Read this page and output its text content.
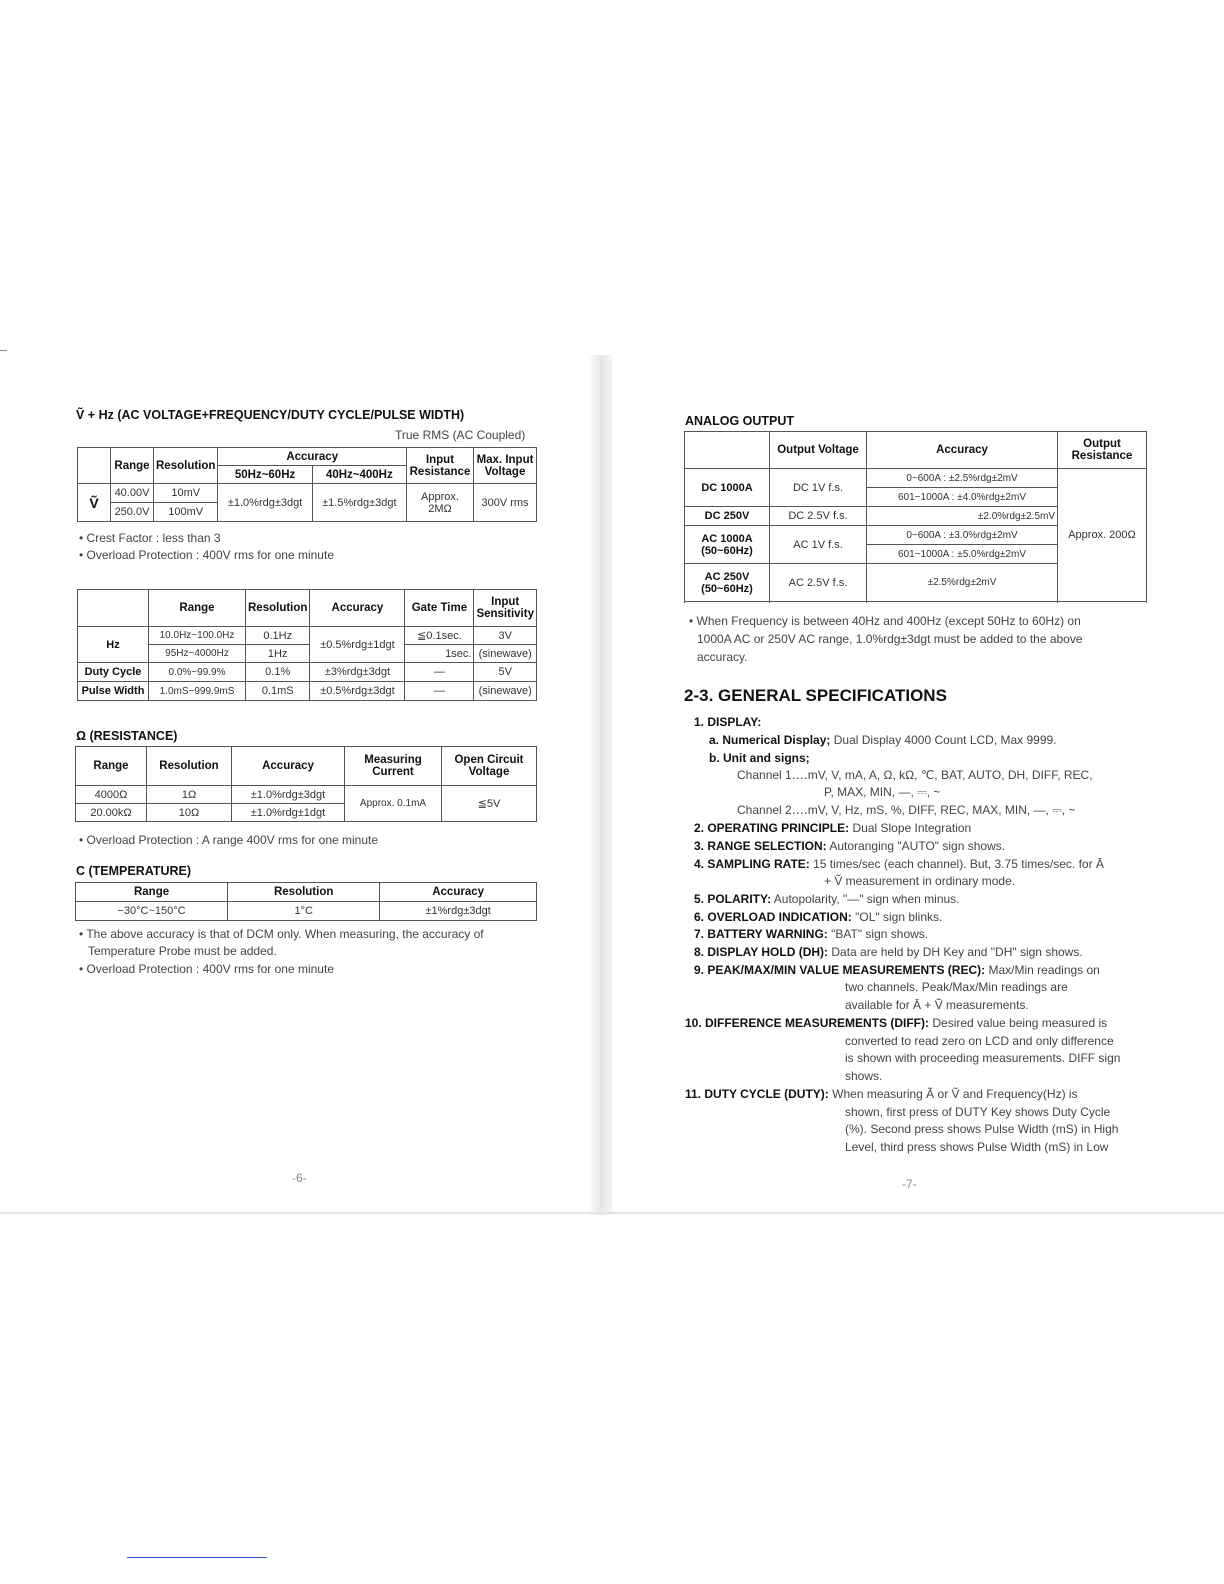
Ṽ + Hz (AC VOLTAGE+FREQUENCY/DUTY CYCLE/PULSE WIDTH)
True RMS (AC Coupled)
	Range	Resolution	Accuracy		Input Resistance	Max. Input Voltage
			50Hz~60Hz	40Hz~400Hz		
Ṽ	40.00V	10mV	±1.0%rdg±3dgt	±1.5%rdg±3dgt	Approx. 2MΩ	300V rms
	250.0V	100mV				
• Crest Factor : less than 3
• Overload Protection : 400V rms for one minute
	Range	Resolution	Accuracy	Gate Time	Input Sensitivity
Hz	10.0Hz~100.0Hz	0.1Hz	±0.5%rdg±1dgt	≦0.1sec.	3V
	95Hz~4000Hz	1Hz		1sec.	(sinewave)
Duty Cycle	0.0%~99.9%	0.1%	±3%rdg±3dgt	—	5V
Pulse Width	1.0mS~999.9mS	0.1mS	±0.5%rdg±3dgt	—	(sinewave)
Ω (RESISTANCE)
Range	Resolution	Accuracy	Measuring Current	Open Circuit Voltage
4000Ω	1Ω	±1.0%rdg±3dgt	Approx. 0.1mA	≦5V
20.00kΩ	10Ω	±1.0%rdg±1dgt		
• Overload Protection : A range 400V rms for one minute
C (TEMPERATURE)
Range	Resolution	Accuracy
−30°C~150°C	1°C	±1%rdg±3dgt
• The above accuracy is that of DCM only. When measuring, the accuracy of
Temperature Probe must be added.
• Overload Protection : 400V rms for one minute
-6-
ANALOG OUTPUT
	Output Voltage	Accuracy	Output Resistance
DC 1000A	DC 1V f.s.	0~600A : ±2.5%rdg±2mV	Approx. 200Ω
		601~1000A : ±4.0%rdg±2mV	
DC 250V	DC 2.5V f.s.	±2.0%rdg±2.5mV	

AC 1000A
(50~60Hz)	AC 1V f.s.	0~600A : ±3.0%rdg±2mV	
		601~1000A : ±5.0%rdg±2mV	

AC 250V
(50~60Hz)	AC 2.5V f.s.	±2.5%rdg±2mV	

• When Frequency is between 40Hz and 400Hz (except 50Hz to 60Hz) on
1000A AC or 250V AC range, 1.0%rdg±3dgt must be added to the above
accuracy.
2-3. GENERAL SPECIFICATIONS
1. DISPLAY:
a. Numerical Display; Dual Display 4000 Count LCD, Max 9999.
b. Unit and signs;
Channel 1‥‥mV, V, mA, A, Ω, kΩ, ℃, BAT, AUTO, DH, DIFF, REC,
P, MAX, MIN, —, ⎓, ~
Channel 2‥‥mV, V, Hz, mS, %, DIFF, REC, MAX, MIN, —, ⎓, ~
2. OPERATING PRINCIPLE: Dual Slope Integration
3. RANGE SELECTION: Autoranging "AUTO" sign shows.
4. SAMPLING RATE: 15 times/sec (each channel). But, 3.75 times/sec. for Ā
+ Ṽ measurement in ordinary mode.
5. POLARITY: Autopolarity, "—" sign when minus.
6. OVERLOAD INDICATION: "OL" sign blinks.
7. BATTERY WARNING: "BAT" sign shows.
8. DISPLAY HOLD (DH): Data are held by DH Key and "DH" sign shows.
9. PEAK/MAX/MIN VALUE MEASUREMENTS (REC): Max/Min readings on
two channels. Peak/Max/Min readings are
available for Ā + Ṽ measurements.
10. DIFFERENCE MEASUREMENTS (DIFF): Desired value being measured is
converted to read zero on LCD and only difference
is shown with proceeding measurements. DIFF sign
shows.
11. DUTY CYCLE (DUTY): When measuring Ã or Ṽ and Frequency(Hz) is
shown, first press of DUTY Key shows Duty Cycle
(%). Second press shows Pulse Width (mS) in High
Level, third press shows Pulse Width (mS) in Low
-7-
